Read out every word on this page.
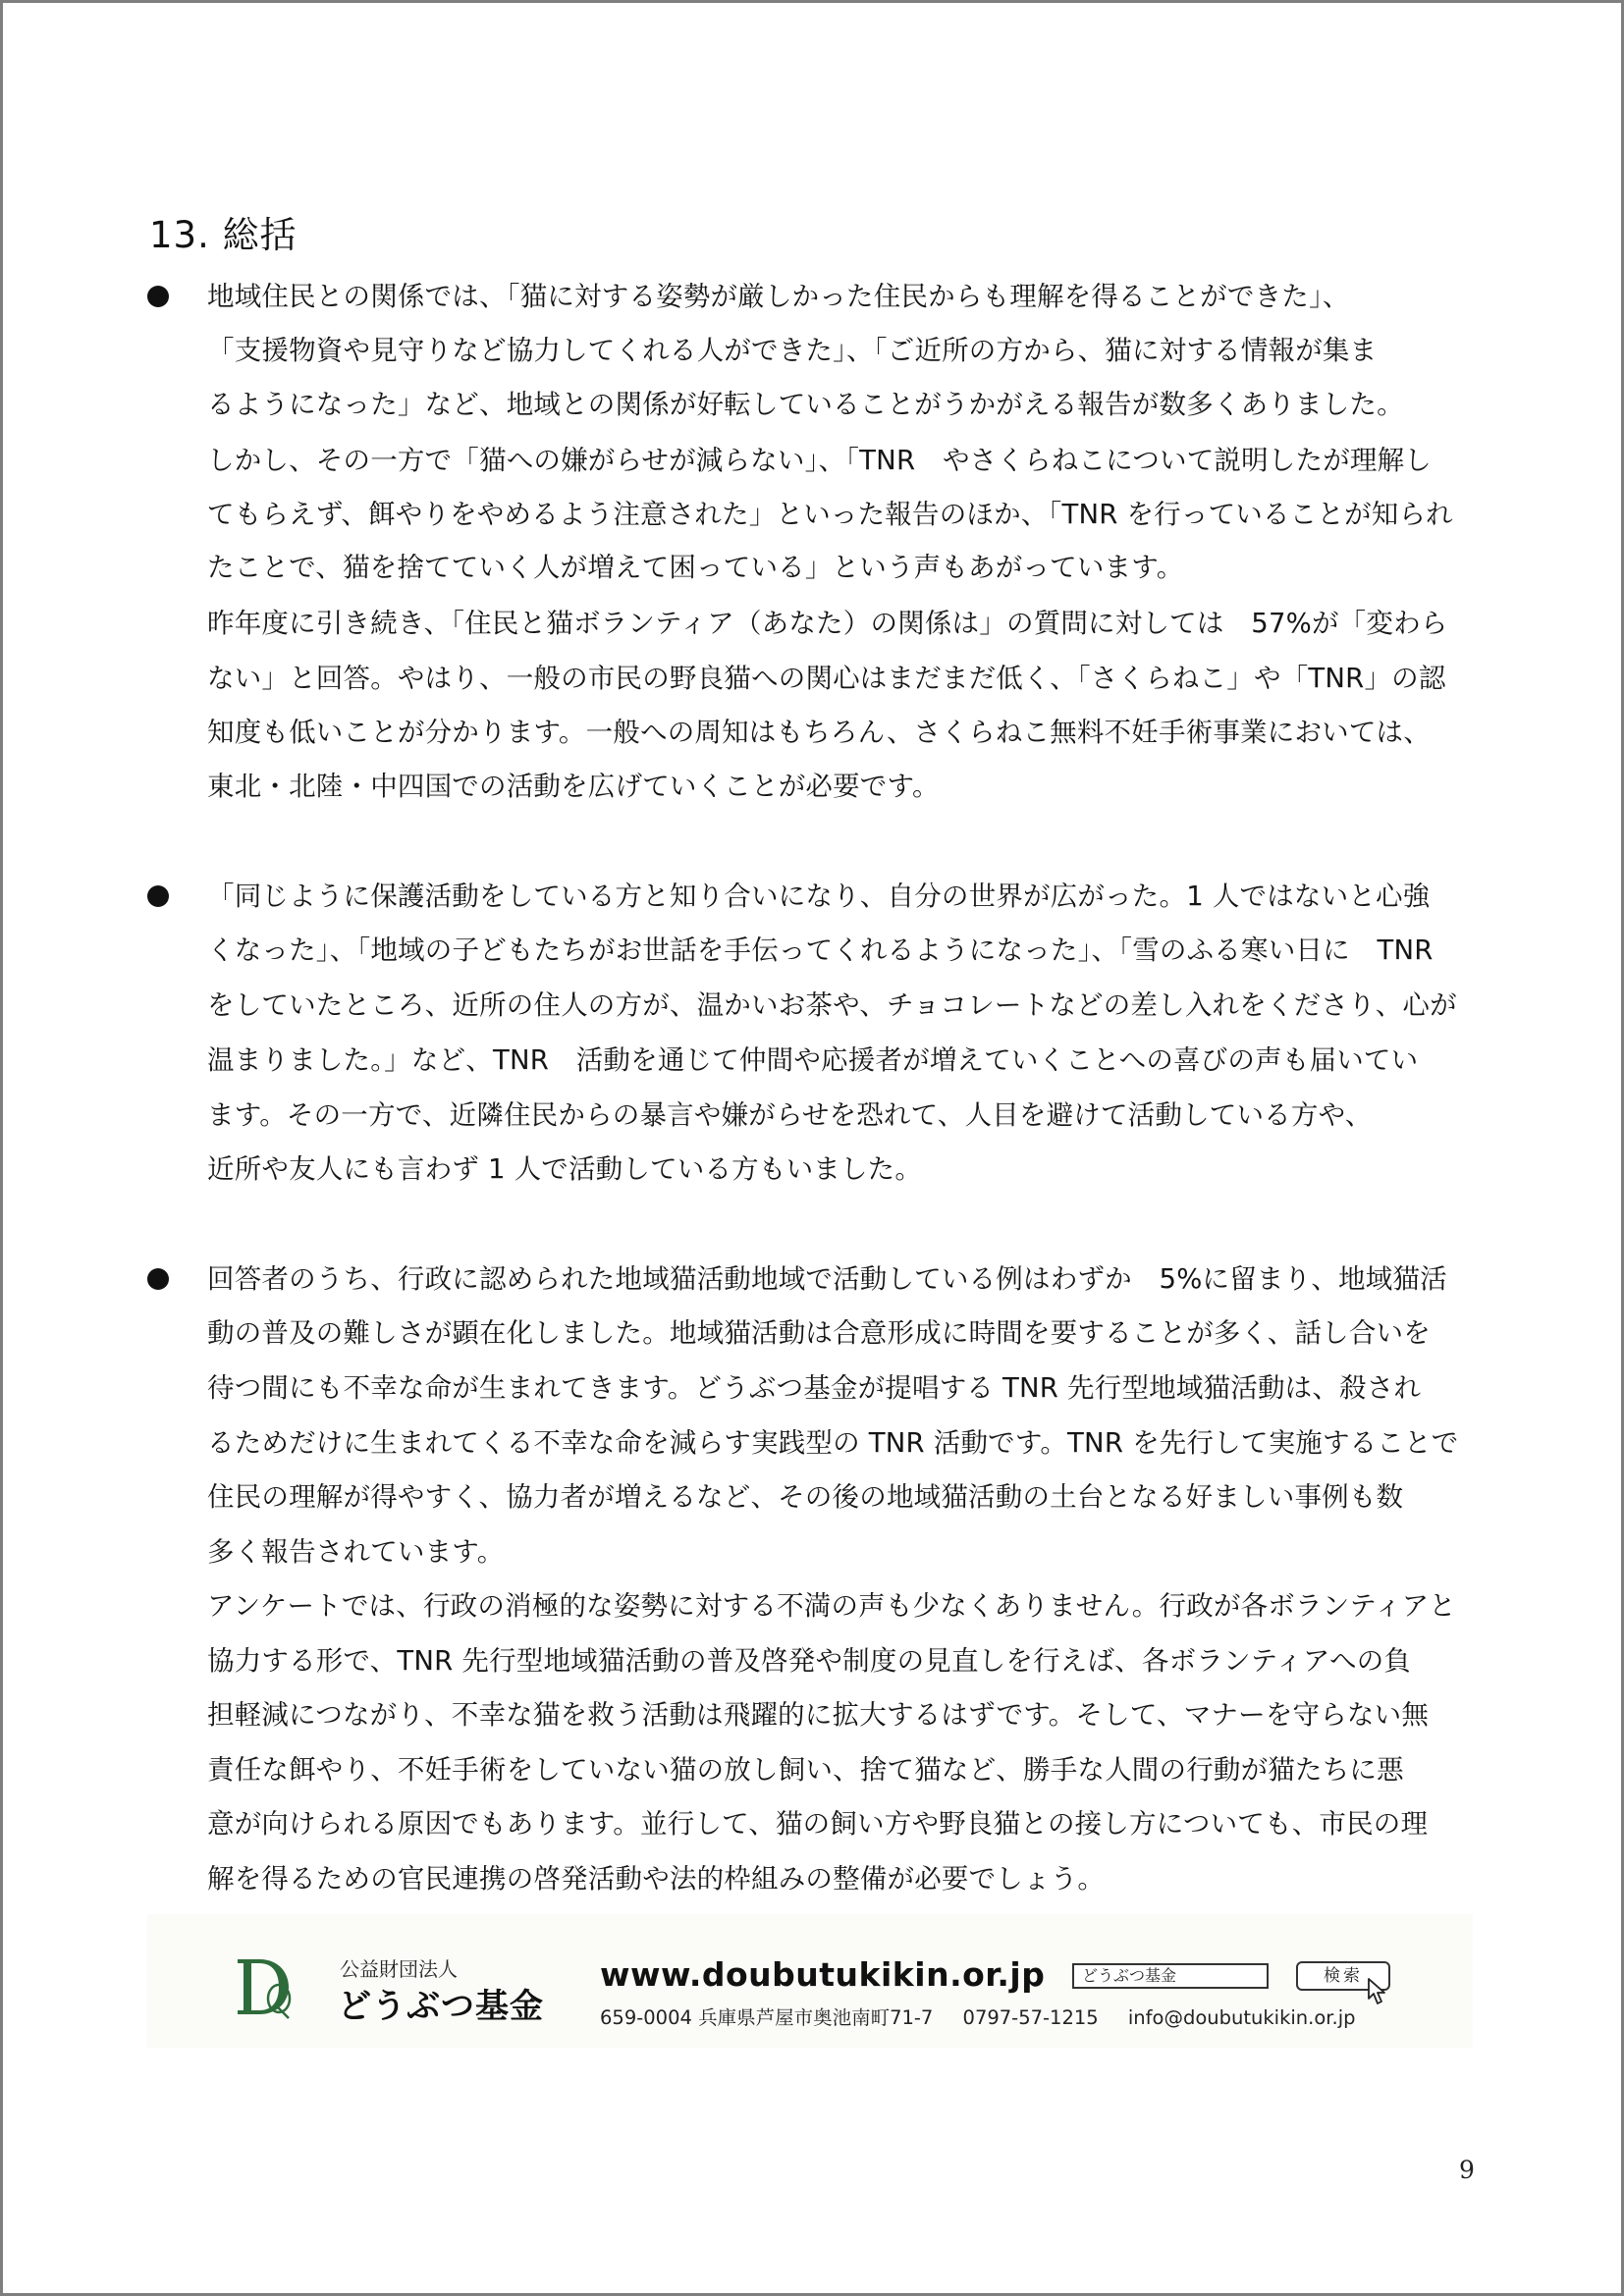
13. 総括
地域住民との関係では、「猫に対する姿勢が厳しかった住民からも理解を得ることができた」、
「支援物資や見守りなど協力してくれる人ができた」、「ご近所の方から、猫に対する情報が集ま
るようになった」など、地域との関係が好転していることがうかがえる報告が数多くありました。
しかし、その一方で「猫への嫌がらせが減らない」、「TNR　やさくらねこについて説明したが理解し
てもらえず、餌やりをやめるよう注意された」といった報告のほか、「TNR を行っていることが知られ
たことで、猫を捨てていく人が増えて困っている」という声もあがっています。
昨年度に引き続き、「住民と猫ボランティア（あなた）の関係は」の質問に対しては　57%が「変わら
ない」と回答。やはり、一般の市民の野良猫への関心はまだまだ低く、「さくらねこ」や「TNR」の認
知度も低いことが分かります。一般への周知はもちろん、さくらねこ無料不妊手術事業においては、
東北・北陸・中四国での活動を広げていくことが必要です。
「同じように保護活動をしている方と知り合いになり、自分の世界が広がった。1 人ではないと心強
くなった」、「地域の子どもたちがお世話を手伝ってくれるようになった」、「雪のふる寒い日に　TNR
をしていたところ、近所の住人の方が、温かいお茶や、チョコレートなどの差し入れをくださり、心が
温まりました。」など、TNR　活動を通じて仲間や応援者が増えていくことへの喜びの声も届いてい
ます。その一方で、近隣住民からの暴言や嫌がらせを恐れて、人目を避けて活動している方や、
近所や友人にも言わず 1 人で活動している方もいました。
回答者のうち、行政に認められた地域猫活動地域で活動している例はわずか　5%に留まり、地域猫活
動の普及の難しさが顕在化しました。地域猫活動は合意形成に時間を要することが多く、話し合いを
待つ間にも不幸な命が生まれてきます。どうぶつ基金が提唱する TNR 先行型地域猫活動は、殺され
るためだけに生まれてくる不幸な命を減らす実践型の TNR 活動です。TNR を先行して実施することで
住民の理解が得やすく、協力者が増えるなど、その後の地域猫活動の土台となる好ましい事例も数
多く報告されています。
アンケートでは、行政の消極的な姿勢に対する不満の声も少なくありません。行政が各ボランティアと
協力する形で、TNR 先行型地域猫活動の普及啓発や制度の見直しを行えば、各ボランティアへの負
担軽減につながり、不幸な猫を救う活動は飛躍的に拡大するはずです。そして、マナーを守らない無
責任な餌やり、不妊手術をしていない猫の放し飼い、捨て猫など、勝手な人間の行動が猫たちに悪
意が向けられる原因でもあります。並行して、猫の飼い方や野良猫との接し方についても、市民の理
解を得るための官民連携の啓発活動や法的枠組みの整備が必要でしょう。
公益財団法人
どうぶつ基金
www.doubutukikin.or.jp	どうぶつ基金	検索
659-0004 兵庫県芦屋市奥池南町71-7 0797-57-1215 info@doubutukikin.or.jp
9
